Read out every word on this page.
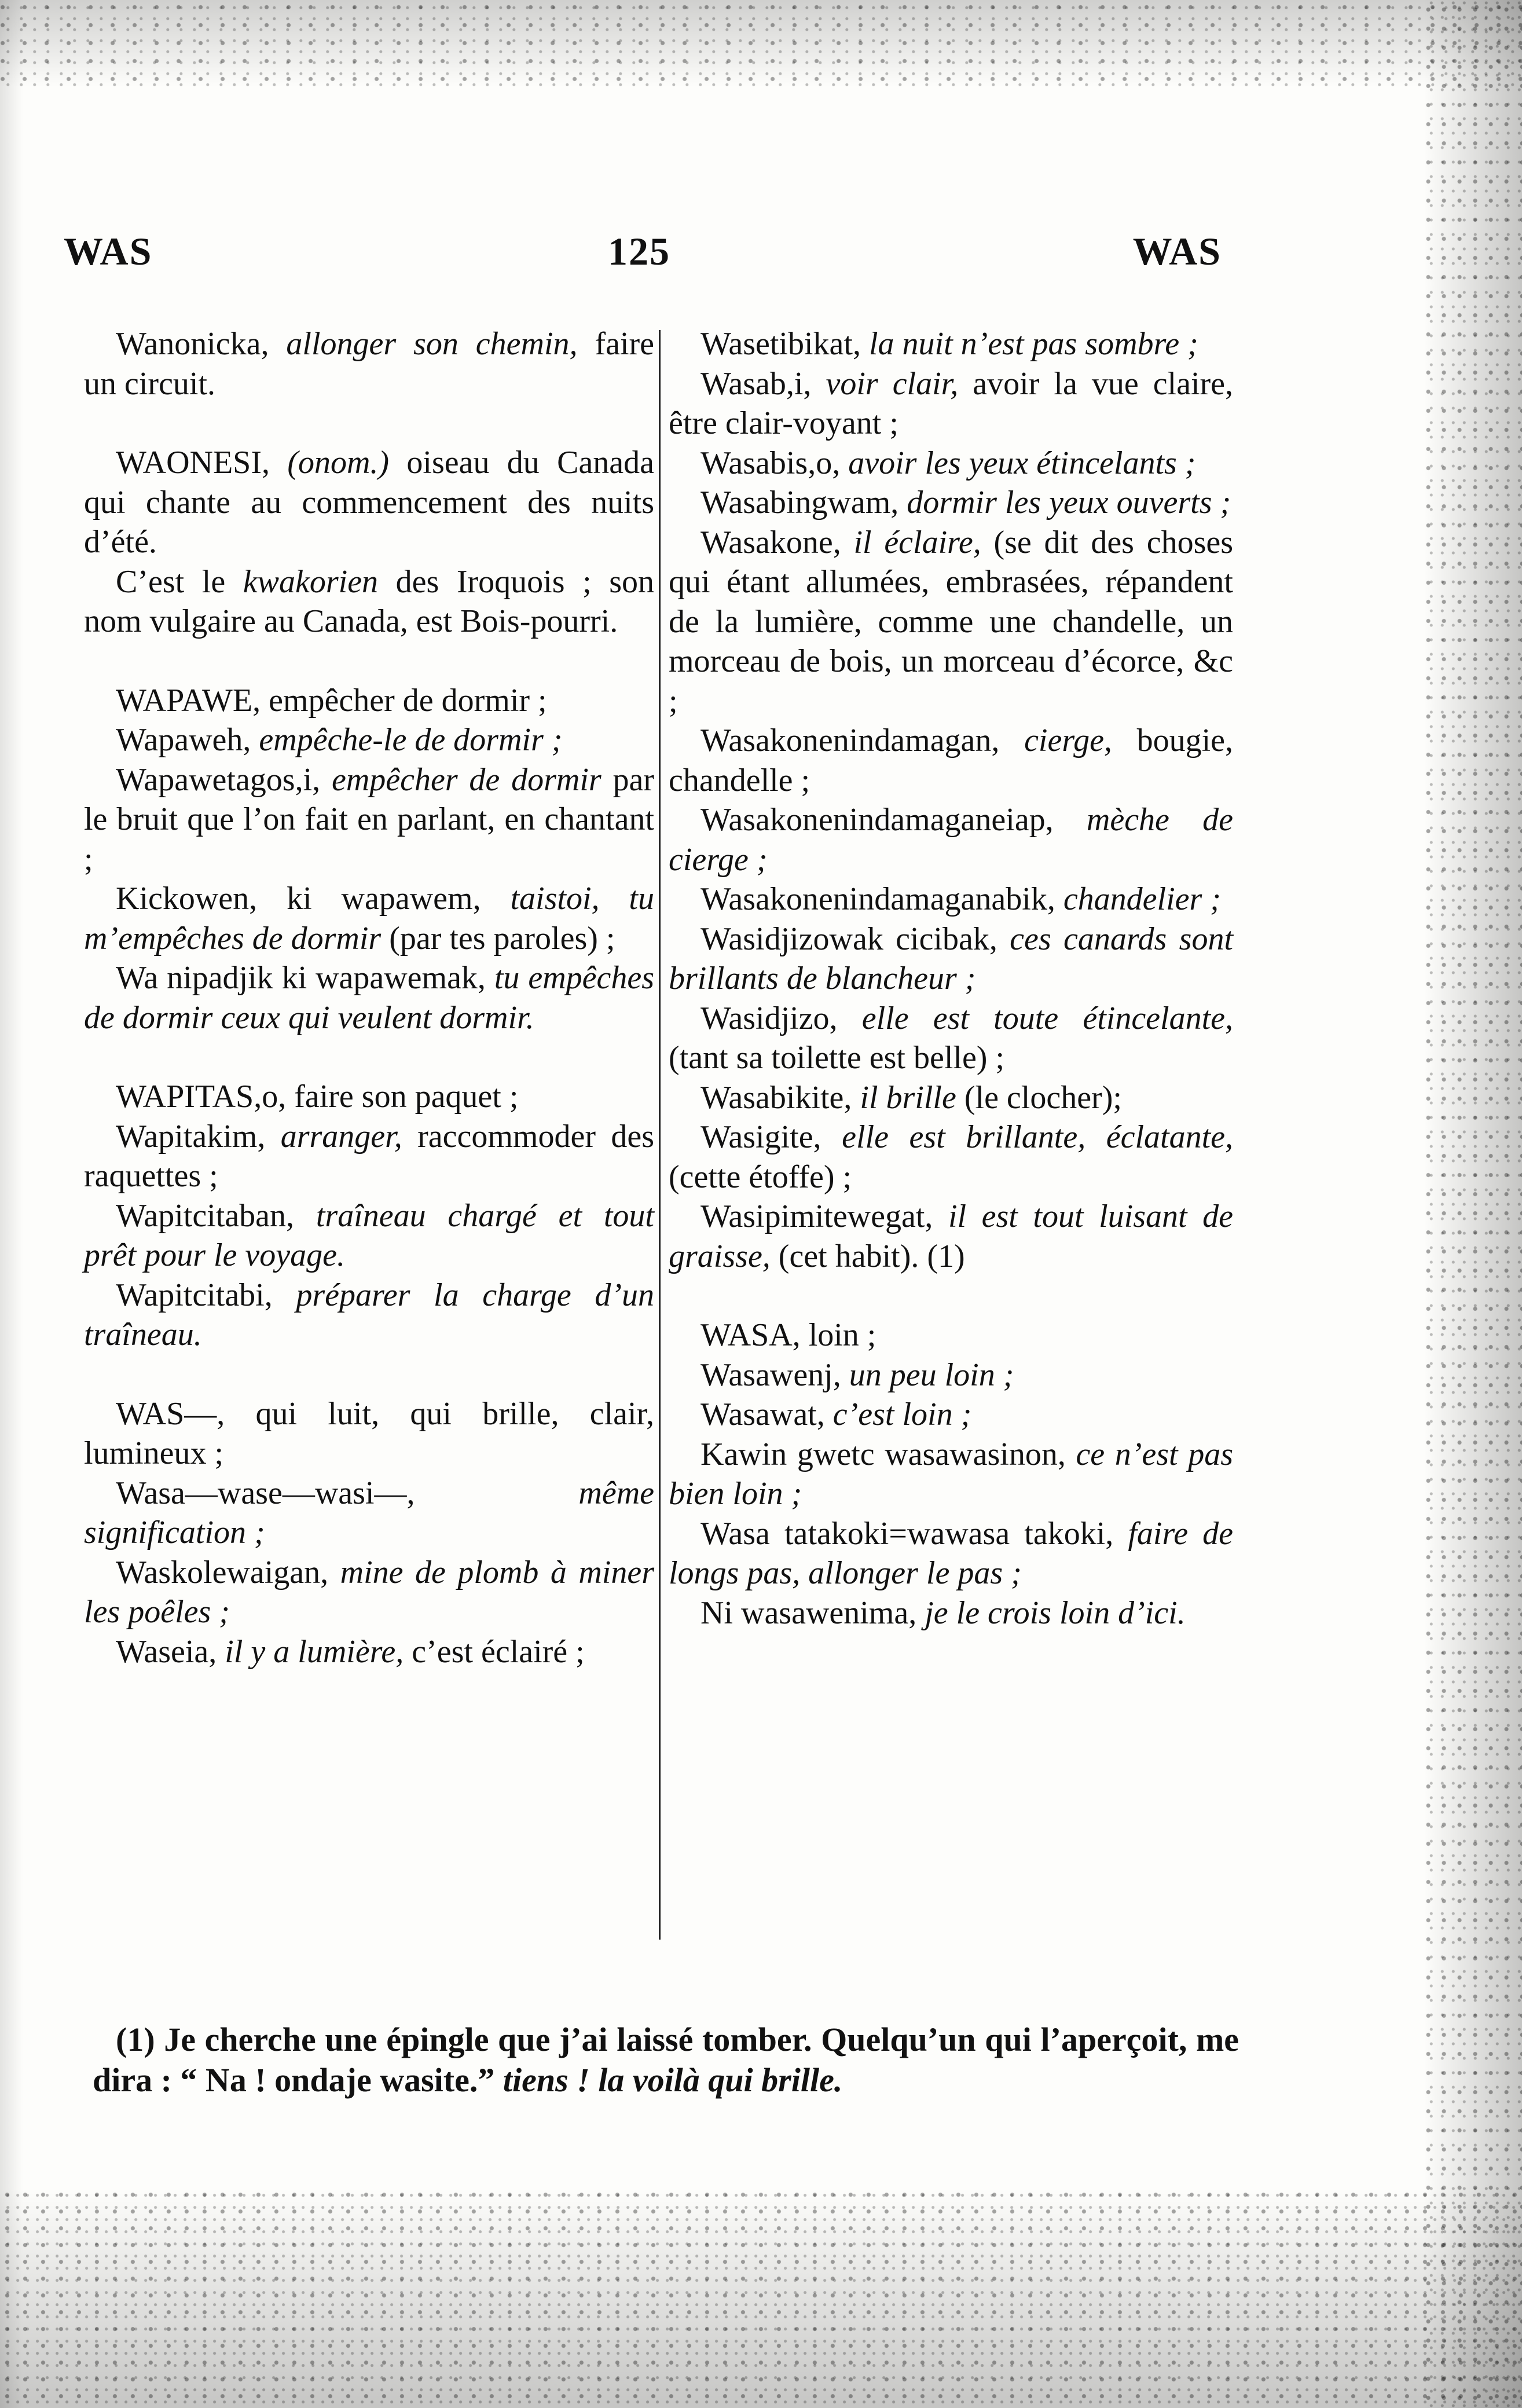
WAS	125	WAS

Wanonicka, allonger son chemin, faire un circuit.

WAONESI, (onom.) oiseau du Canada qui chante au commencement des nuits d’été.

C’est le kwakorien des Iroquois ; son nom vulgaire au Canada, est Bois-pourri.

WAPAWE, empêcher de dormir ;

Wapaweh, empêche-le de dormir ;

Wapawetagos,i, empêcher de dormir par le bruit que l’on fait en parlant, en chantant ;

Kickowen, ki wapawem, taistoi, tu m’empêches de dormir (par tes paroles) ;

Wa nipadjik ki wapawemak, tu empêches de dormir ceux qui veulent dormir.

WAPITAS,o, faire son paquet ;

Wapitakim, arranger, raccommoder des raquettes ;

Wapitcitaban, traîneau chargé et tout prêt pour le voyage.

Wapitcitabi, préparer la charge d’un traîneau.

WAS—, qui luit, qui brille, clair, lumineux ;

Wasa—wase—wasi—,	même signification ;

Waskolewaigan, mine de plomb à miner les poêles ;

Waseia, il y a lumière, c’est éclairé ;

Wasetibikat, la nuit n’est pas sombre ;

Wasab,i, voir clair, avoir la vue claire, être clair-voyant ;

Wasabis,o, avoir les yeux étincelants ;

Wasabingwam, dormir les yeux ouverts ;

Wasakone, il éclaire, (se dit des choses qui étant allumées, embrasées, répandent de la lumière, comme une chandelle, un morceau de bois, un morceau d’écorce, &c ;

Wasakonenindamagan, cierge, bougie, chandelle ;

Wasakonenindamaganeiap, mèche de cierge ;

Wasakonenindamaganabik, chandelier ;

Wasidjizowak cicibak, ces canards sont brillants de blancheur ;

Wasidjizo, elle est toute étincelante, (tant sa toilette est belle) ;

Wasabikite, il brille (le clocher);

Wasigite, elle est brillante, éclatante, (cette étoffe) ;

Wasipimitewegat, il est tout luisant de graisse, (cet habit). (1)

WASA, loin ;

Wasawenj, un peu loin ;

Wasawat, c’est loin ;

Kawin gwetc wasawasinon, ce n’est pas bien loin ;

Wasa tatakoki=wawasa takoki, faire de longs pas, allonger le pas ;

Ni wasawenima, je le crois loin d’ici.

(1) Je cherche une épingle que j’ai laissé tomber. Quelqu’un qui l’aperçoit, me dira : “ Na ! ondaje wasite.” tiens ! la voilà qui brille.
